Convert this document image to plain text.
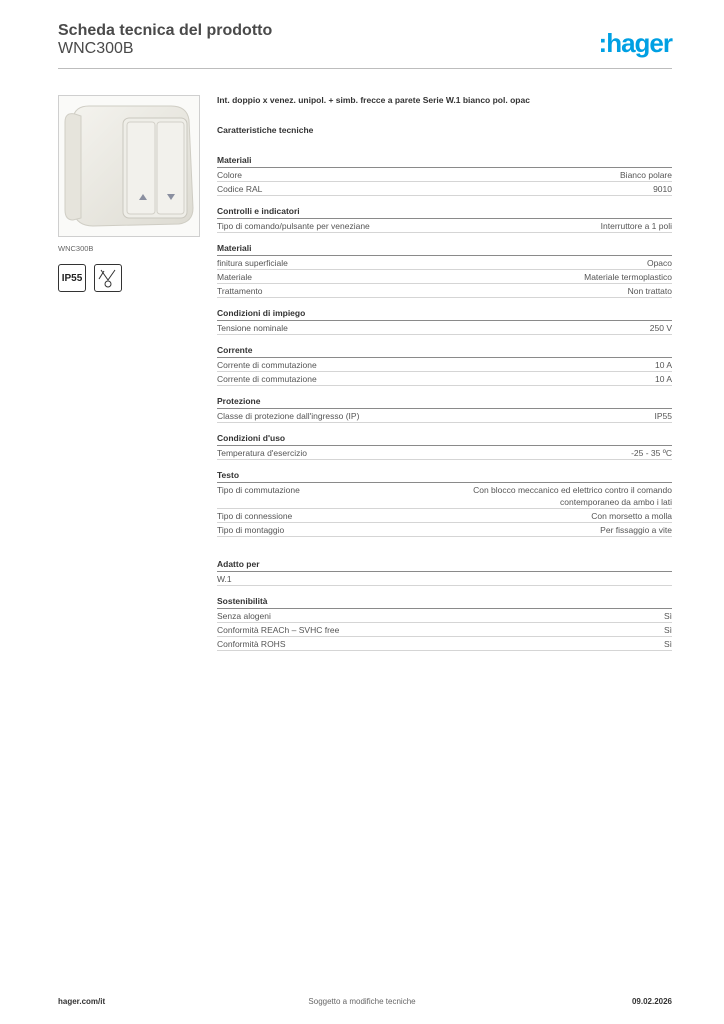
Scheda tecnica del prodotto
WNC300B	:hager
WNC300B
IP55
Int. doppio x venez. unipol. + simb. frecce a parete Serie W.1 bianco pol. opac
Caratteristiche tecniche
Materiali
Colore	Bianco polare
Codice RAL	9010
Controlli e indicatori
Tipo di comando/pulsante per veneziane	Interruttore a 1 poli
Materiali
finitura superficiale	Opaco
Materiale	Materiale termoplastico
Trattamento	Non trattato
Condizioni di impiego
Tensione nominale	250 V
Corrente
Corrente di commutazione	10 A
Corrente di commutazione	10 A
Protezione
Classe di protezione dall'ingresso (IP)	IP55
Condizioni d'uso
Temperatura d'esercizio	-25 - 35 ºC
Testo
Tipo di commutazione	Con blocco meccanico ed elettrico contro il comando contemporaneo da ambo i lati
Tipo di connessione	Con morsetto a molla
Tipo di montaggio	Per fissaggio a vite
Adatto per
W.1
Sostenibilità
Senza alogeni	Sì
Conformità REACh – SVHC free	Sì
Conformità ROHS	Sì
hager.com/it	Soggetto a modifiche tecniche	09.02.2026
